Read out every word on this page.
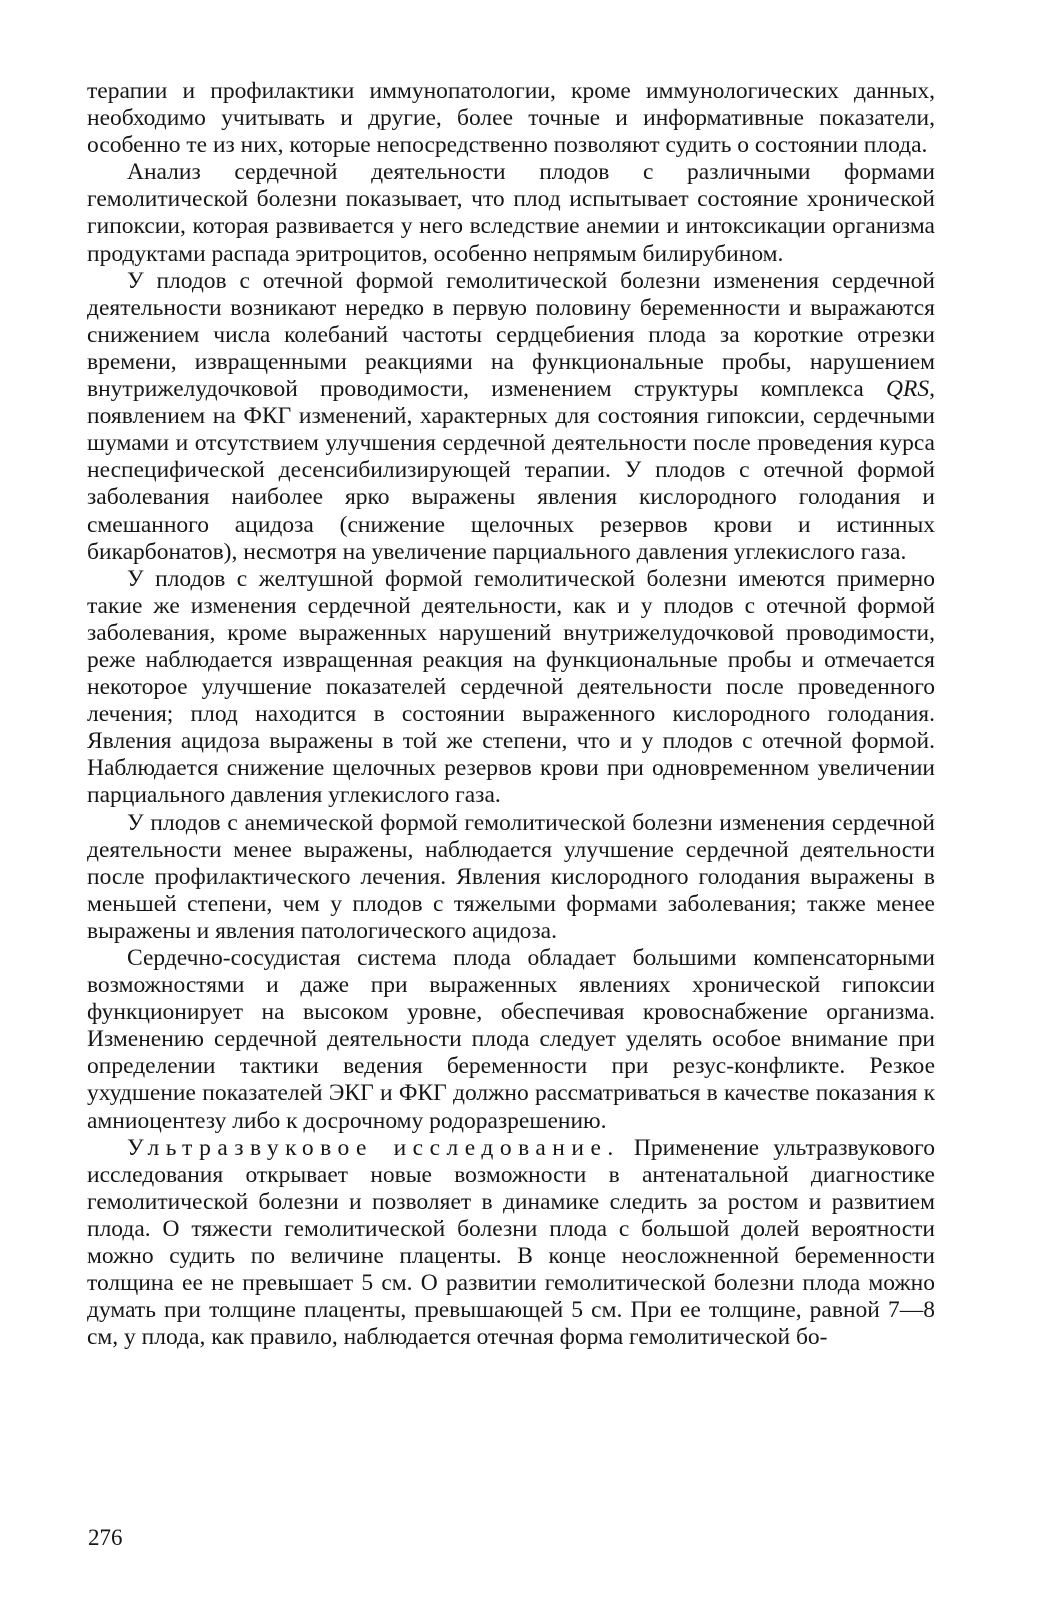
терапии и профилактики иммунопатологии, кроме иммунологических данных, необходимо учитывать и другие, более точные и информативные показатели, особенно те из них, которые непосредственно позволяют судить о состоянии плода.

Анализ сердечной деятельности плодов с различными формами гемолитической болезни показывает, что плод испытывает состояние хронической гипоксии, которая развивается у него вследствие анемии и интоксикации организма продуктами распада эритроцитов, особенно непрямым билирубином.

У плодов с отечной формой гемолитической болезни изменения сердечной деятельности возникают нередко в первую половину беременности и выражаются снижением числа колебаний частоты сердцебиения плода за короткие отрезки времени, извращенными реакциями на функциональные пробы, нарушением внутрижелудочковой проводимости, изменением структуры комплекса QRS, появлением на ФКГ изменений, характерных для состояния гипоксии, сердечными шумами и отсутствием улучшения сердечной деятельности после проведения курса неспецифической десенсибилизирующей терапии. У плодов с отечной формой заболевания наиболее ярко выражены явления кислородного голодания и смешанного ацидоза (снижение щелочных резервов крови и истинных бикарбонатов), несмотря на увеличение парциального давления углекислого газа.

У плодов с желтушной формой гемолитической болезни имеются примерно такие же изменения сердечной деятельности, как и у плодов с отечной формой заболевания, кроме выраженных нарушений внутрижелудочковой проводимости, реже наблюдается извращенная реакция на функциональные пробы и отмечается некоторое улучшение показателей сердечной деятельности после проведенного лечения; плод находится в состоянии выраженного кислородного голодания. Явления ацидоза выражены в той же степени, что и у плодов с отечной формой. Наблюдается снижение щелочных резервов крови при одновременном увеличении парциального давления углекислого газа.

У плодов с анемической формой гемолитической болезни изменения сердечной деятельности менее выражены, наблюдается улучшение сердечной деятельности после профилактического лечения. Явления кислородного голодания выражены в меньшей степени, чем у плодов с тяжелыми формами заболевания; также менее выражены и явления патологического ацидоза.

Сердечно-сосудистая система плода обладает большими компенсаторными возможностями и даже при выраженных явлениях хронической гипоксии функционирует на высоком уровне, обеспечивая кровоснабжение организма. Изменению сердечной деятельности плода следует уделять особое внимание при определении тактики ведения беременности при резус-конфликте. Резкое ухудшение показателей ЭКГ и ФКГ должно рассматриваться в качестве показания к амниоцентезу либо к досрочному родоразрешению.

Ультразвуковое исследование. Применение ультразвукового исследования открывает новые возможности в антенатальной диагностике гемолитической болезни и позволяет в динамике следить за ростом и развитием плода. О тяжести гемолитической болезни плода с большой долей вероятности можно судить по величине плаценты. В конце неосложненной беременности толщина ее не превышает 5 см. О развитии гемолитической болезни плода можно думать при толщине плаценты, превышающей 5 см. При ее толщине, равной 7—8 см, у плода, как правило, наблюдается отечная форма гемолитической бо-

276
